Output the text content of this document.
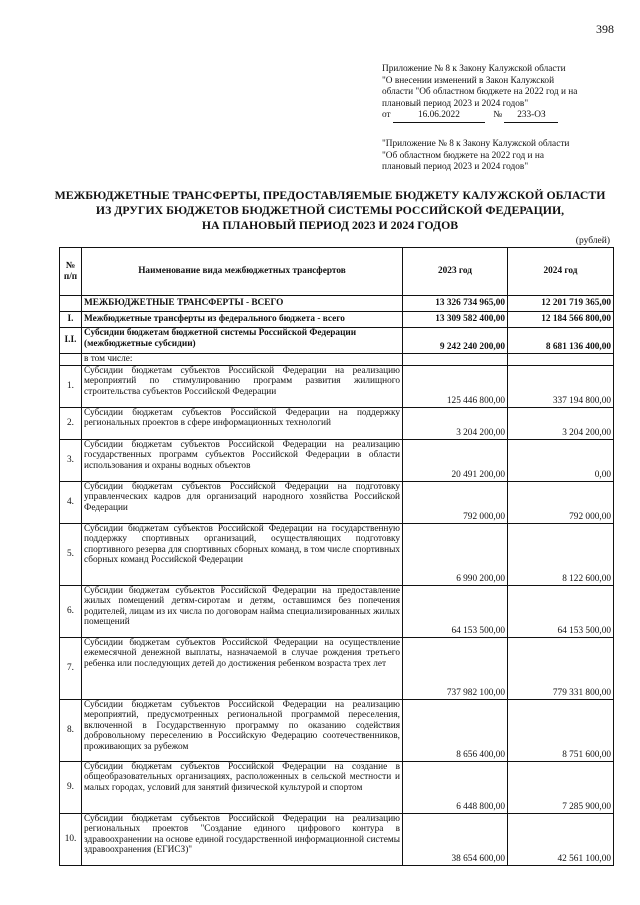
398
Приложение № 8 к Закону Калужской области
"О внесении изменений в Закон Калужской
области "Об областном бюджете на 2022 год и на
плановый период 2023 и 2024 годов"
от	16.06.2022	№ 233-ОЗ
"Приложение № 8 к Закону Калужской области
"Об областном бюджете на 2022 год и на
плановый период 2023 и 2024 годов"
МЕЖБЮДЖЕТНЫЕ ТРАНСФЕРТЫ, ПРЕДОСТАВЛЯЕМЫЕ БЮДЖЕТУ КАЛУЖСКОЙ ОБЛАСТИ
ИЗ ДРУГИХ БЮДЖЕТОВ БЮДЖЕТНОЙ СИСТЕМЫ РОССИЙСКОЙ ФЕДЕРАЦИИ,
НА ПЛАНОВЫЙ ПЕРИОД 2023 И 2024 ГОДОВ
(рублей)
№ п/п	Наименование вида межбюджетных трансфертов	2023 год	2024 год
	МЕЖБЮДЖЕТНЫЕ ТРАНСФЕРТЫ - ВСЕГО	13 326 734 965,00	12 201 719 365,00
I.	Межбюджетные трансферты из федерального бюджета - всего	13 309 582 400,00	12 184 566 800,00
I.I.	Субсидии бюджетам бюджетной системы Российской Федерации (межбюджетные субсидии)	9 242 240 200,00	8 681 136 400,00
	в том числе:		
1.	Субсидии бюджетам субъектов Российской Федерации на реализацию мероприятий по стимулированию программ развития жилищного строительства субъектов Российской Федерации	125 446 800,00	337 194 800,00
2.	Субсидии бюджетам субъектов Российской Федерации на поддержку региональных проектов в сфере информационных технологий	3 204 200,00	3 204 200,00
3.	Субсидии бюджетам субъектов Российской Федерации на реализацию государственных программ субъектов Российской Федерации в области использования и охраны водных объектов	20 491 200,00	0,00
4.	Субсидии бюджетам субъектов Российской Федерации на подготовку управленческих кадров для организаций народного хозяйства Российской Федерации	792 000,00	792 000,00
5.	Субсидии бюджетам субъектов Российской Федерации на государственную поддержку спортивных организаций, осуществляющих подготовку спортивного резерва для спортивных сборных команд, в том числе спортивных сборных команд Российской Федерации	6 990 200,00	8 122 600,00
6.	Субсидии бюджетам субъектов Российской Федерации на предоставление жилых помещений детям-сиротам и детям, оставшимся без попечения родителей, лицам из их числа по договорам найма специализированных жилых помещений	64 153 500,00	64 153 500,00
7.	Субсидии бюджетам субъектов Российской Федерации на осуществление ежемесячной денежной выплаты, назначаемой в случае рождения третьего ребенка или последующих детей до достижения ребенком возраста трех лет	737 982 100,00	779 331 800,00
8.	Субсидии бюджетам субъектов Российской Федерации на реализацию мероприятий, предусмотренных региональной программой переселения, включенной в Государственную программу по оказанию содействия добровольному переселению в Российскую Федерацию соотечественников, проживающих за рубежом	8 656 400,00	8 751 600,00
9.	Субсидии бюджетам субъектов Российской Федерации на создание в общеобразовательных организациях, расположенных в сельской местности и малых городах, условий для занятий физической культурой и спортом	6 448 800,00	7 285 900,00
10.	Субсидии бюджетам субъектов Российской Федерации на реализацию региональных проектов "Создание единого цифрового контура в здравоохранении на основе единой государственной информационной системы здравоохранения (ЕГИСЗ)"	38 654 600,00	42 561 100,00
